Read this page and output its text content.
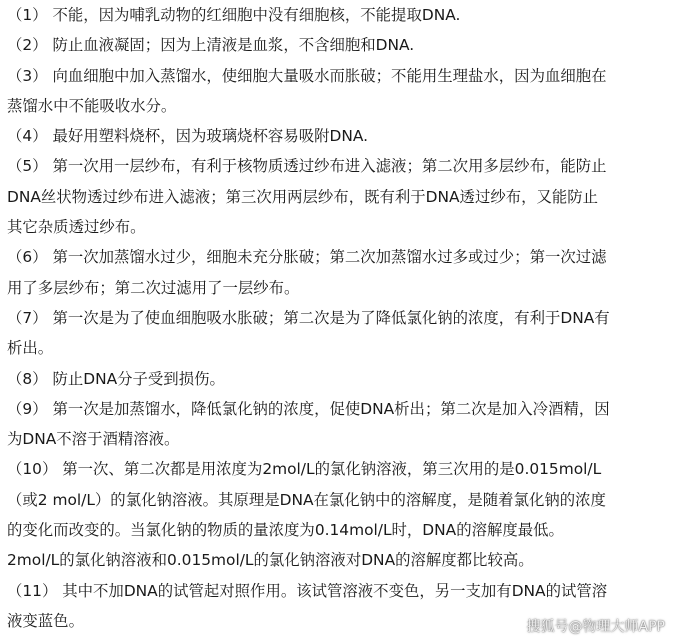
（1） 不能，因为哺乳动物的红细胞中没有细胞核，不能提取DNA.
（2） 防止血液凝固；因为上清液是血浆，不含细胞和DNA.
（3） 向血细胞中加入蒸馏水，使细胞大量吸水而胀破；不能用生理盐水，因为血细胞在
蒸馏水中不能吸收水分。
（4） 最好用塑料烧杯，因为玻璃烧杯容易吸附DNA.
（5） 第一次用一层纱布，有利于核物质透过纱布进入滤液；第二次用多层纱布，能防止
DNA丝状物透过纱布进入滤液；第三次用两层纱布，既有利于DNA透过纱布，又能防止
其它杂质透过纱布。
（6） 第一次加蒸馏水过少，细胞未充分胀破；第二次加蒸馏水过多或过少；第一次过滤
用了多层纱布；第二次过滤用了一层纱布。
（7） 第一次是为了使血细胞吸水胀破；第二次是为了降低氯化钠的浓度，有利于DNA有
析出。
（8） 防止DNA分子受到损伤。
（9） 第一次是加蒸馏水，降低氯化钠的浓度，促使DNA析出；第二次是加入冷酒精，因
为DNA不溶于酒精溶液。
（10） 第一次、第二次都是用浓度为2mol/L的氯化钠溶液，第三次用的是0.015mol/L
（或2 mol/L）的氯化钠溶液。其原理是DNA在氯化钠中的溶解度，是随着氯化钠的浓度
的变化而改变的。当氯化钠的物质的量浓度为0.14mol/L时，DNA的溶解度最低。
2mol/L的氯化钠溶液和0.015mol/L的氯化钠溶液对DNA的溶解度都比较高。
（11） 其中不加DNA的试管起对照作用。该试管溶液不变色，另一支加有DNA的试管溶
液变蓝色。	搜狐号@物理大师APP
